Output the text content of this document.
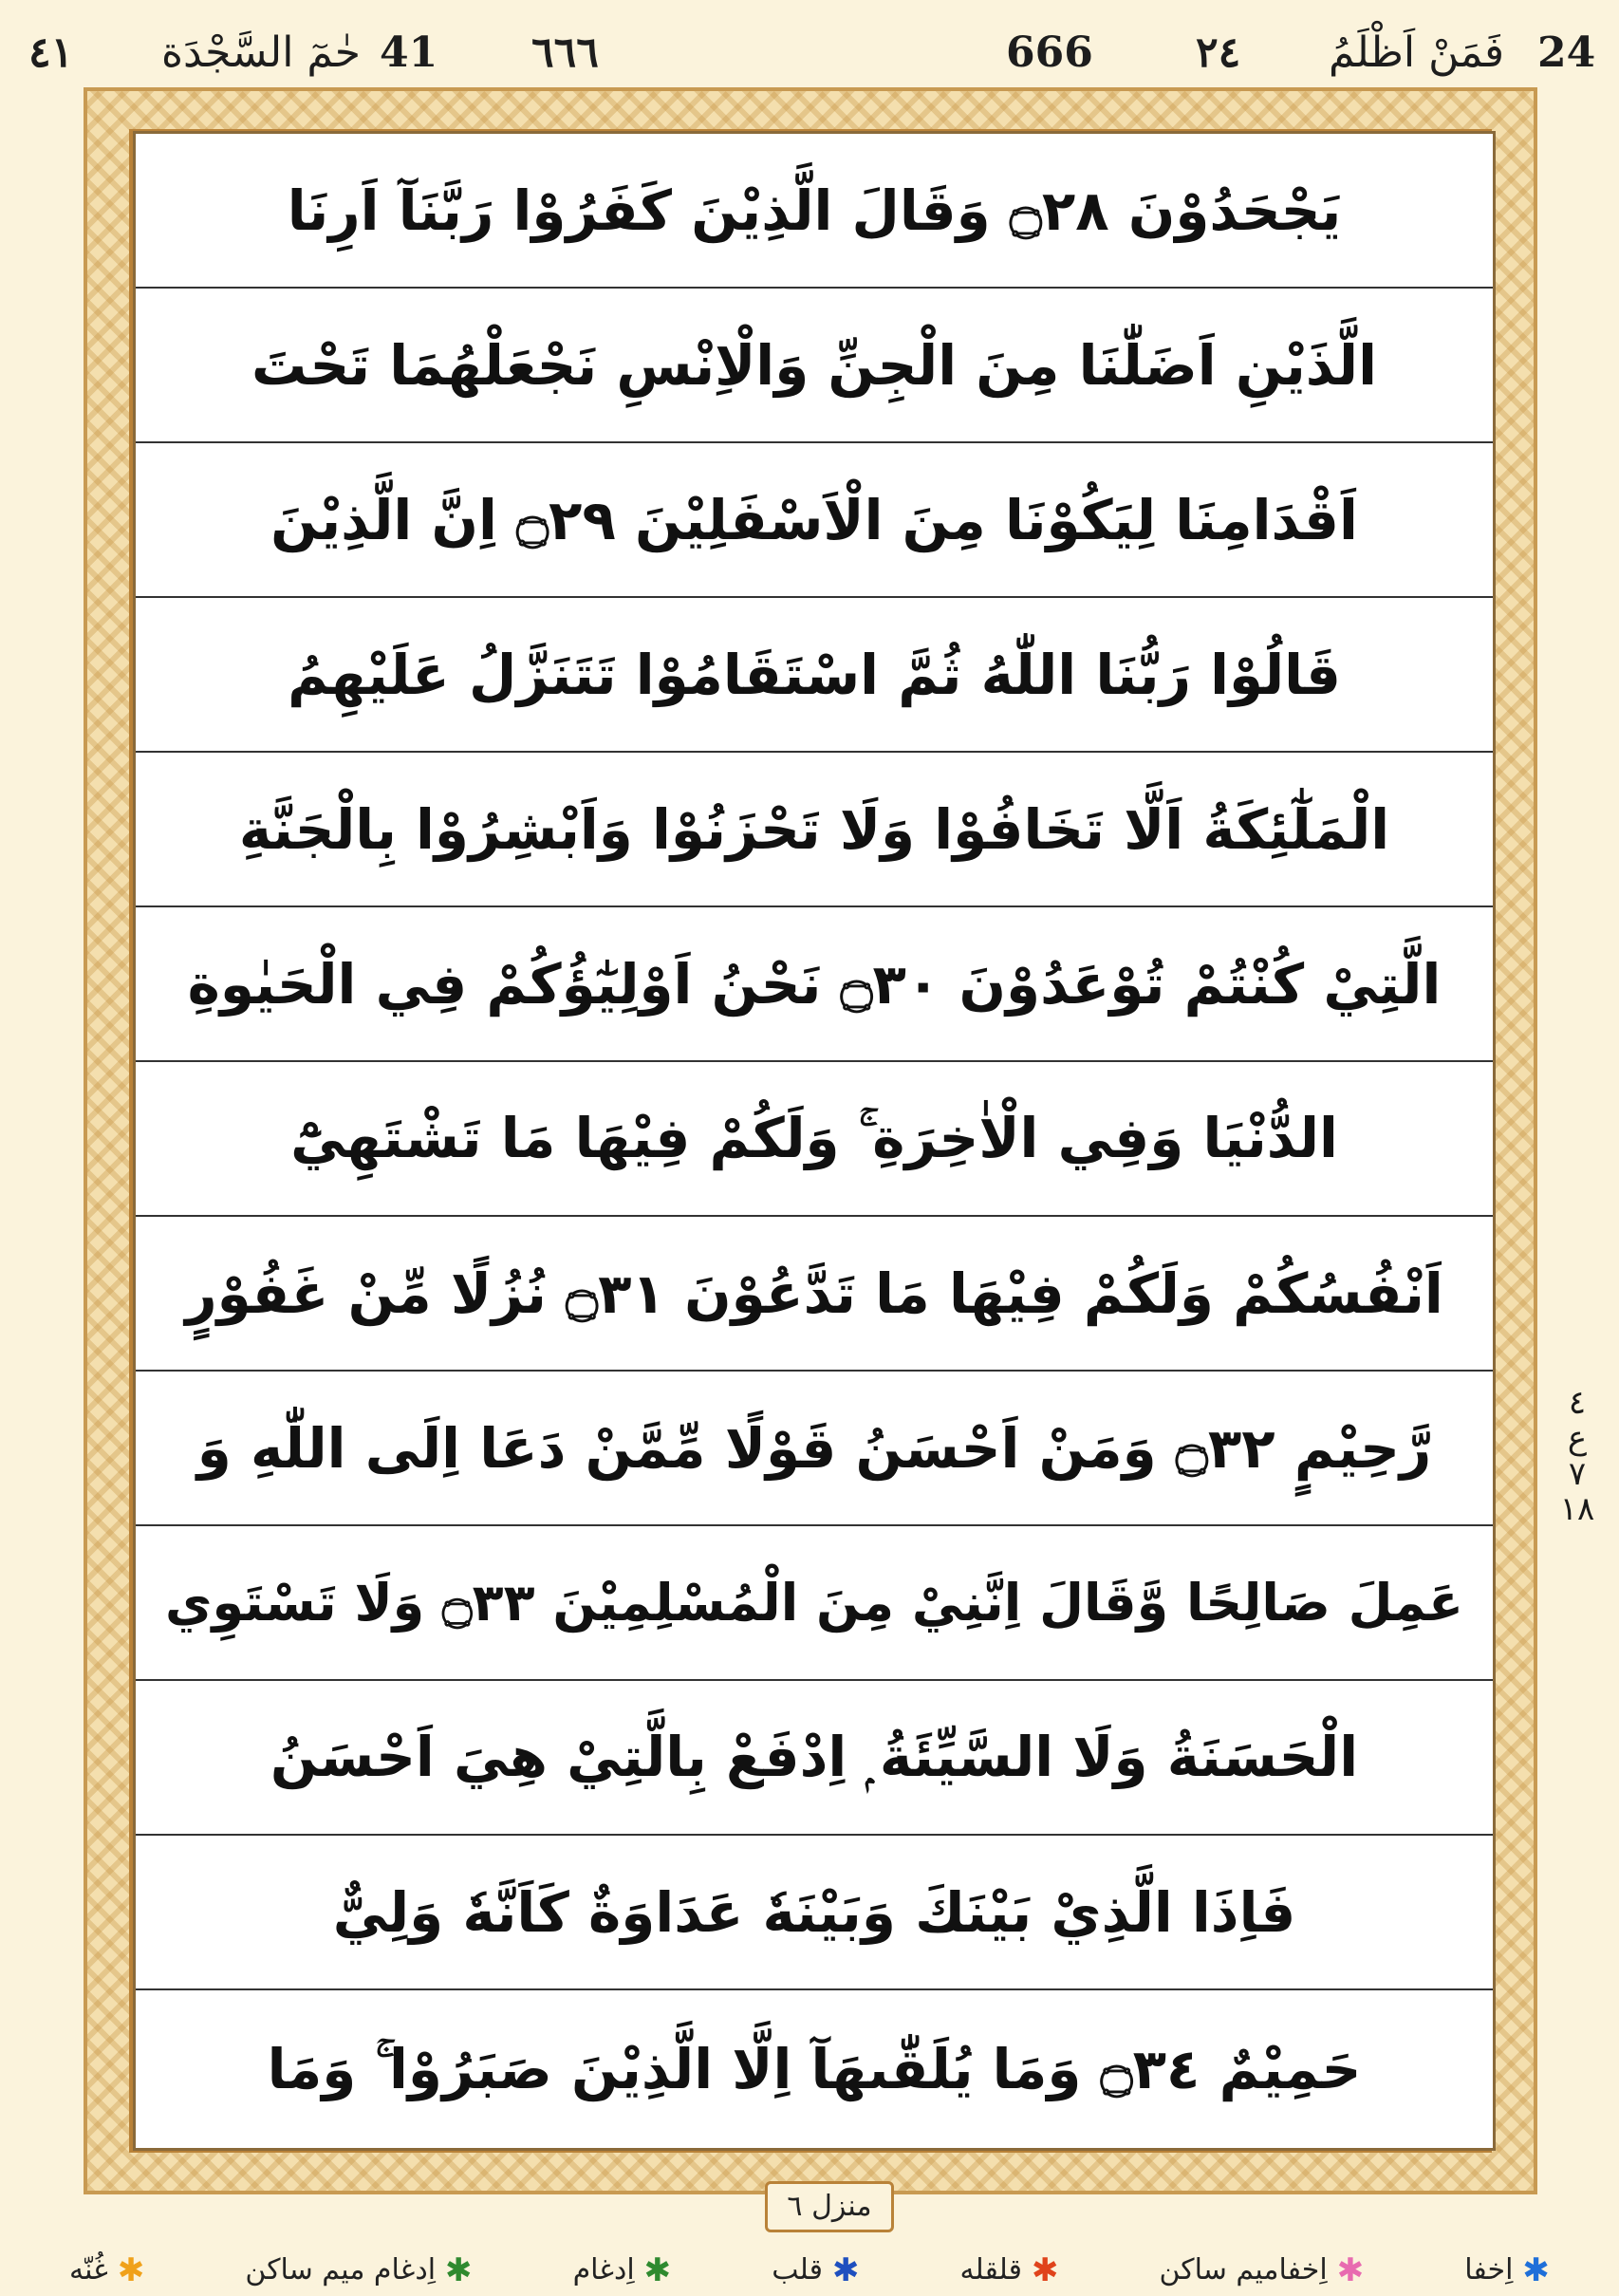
٤١ حٰمٓ السَّجْدَة 41 ٦٦٦	666 ٢٤ فَمَنْ اَظْلَمُ 24
يَجْحَدُوْنَ ۝٢٨ وَقَالَ الَّذِيْنَ كَفَرُوْا رَبَّنَآ اَرِنَا
الَّذَيْنِ اَضَلّٰنَا مِنَ الْجِنِّ وَالْاِنْسِ نَجْعَلْهُمَا تَحْتَ
اَقْدَامِنَا لِيَكُوْنَا مِنَ الْاَسْفَلِيْنَ ۝٢٩ اِنَّ الَّذِيْنَ
قَالُوْا رَبُّنَا اللّٰهُ ثُمَّ اسْتَقَامُوْا تَتَنَزَّلُ عَلَيْهِمُ
الْمَلٰٓئِكَةُ اَلَّا تَخَافُوْا وَلَا تَحْزَنُوْا وَاَبْشِرُوْا بِالْجَنَّةِ
الَّتِيْ كُنْتُمْ تُوْعَدُوْنَ ۝٣٠ نَحْنُ اَوْلِيٰٓؤُكُمْ فِي الْحَيٰوةِ
الدُّنْيَا وَفِي الْاٰخِرَةِ ۚ وَلَكُمْ فِيْهَا مَا تَشْتَهِيْٓ
اَنْفُسُكُمْ وَلَكُمْ فِيْهَا مَا تَدَّعُوْنَ ۝٣١ نُزُلًا مِّنْ غَفُوْرٍ
رَّحِيْمٍ ۝٣٢ وَمَنْ اَحْسَنُ قَوْلًا مِّمَّنْ دَعَا اِلَى اللّٰهِ وَ
عَمِلَ صَالِحًا وَّقَالَ اِنَّنِيْ مِنَ الْمُسْلِمِيْنَ ۝٣٣ وَلَا تَسْتَوِي
الْحَسَنَةُ وَلَا السَّيِّئَةُ ۭ اِدْفَعْ بِالَّتِيْ هِيَ اَحْسَنُ
فَاِذَا الَّذِيْ بَيْنَكَ وَبَيْنَهٗ عَدَاوَةٌ كَاَنَّهٗ وَلِيٌّ
حَمِيْمٌ ۝٣٤ وَمَا يُلَقّٰىهَآ اِلَّا الَّذِيْنَ صَبَرُوْا ۚ وَمَا
٤
ع
٧
١٨
منزل ٦
✱
اِخفا
✱
اِخفامیم ساکن
✱
قلقله
✱
قلب
✱
اِدغام
✱
اِدغام میم ساکن
✱
غُنّه
